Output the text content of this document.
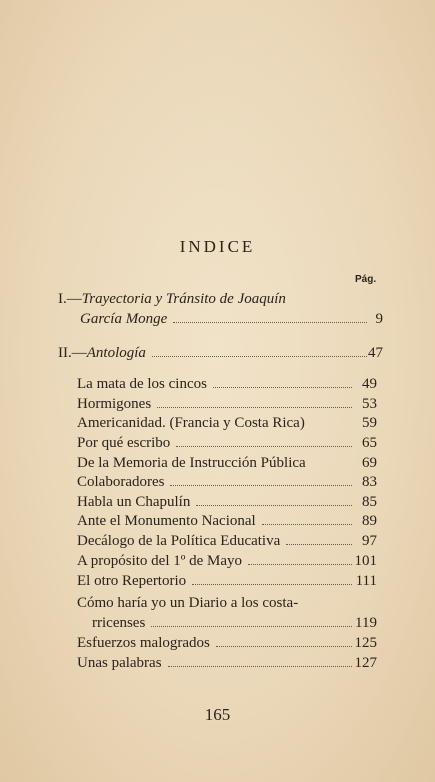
INDICE
Pág.
I.— Trayectoria y Tránsito de Joaquín
García Monge	9
II.— Antología	47
La mata de los cincos	49
Hormigones	53
Americanidad. (Francia y Costa Rica)	59
Por qué escribo	65
De la Memoria de Instrucción Pública	69
Colaboradores	83
Habla un Chapulín	85
Ante el Monumento Nacional	89
Decálogo de la Política Educativa	97
A propósito del 1º de Mayo	101
El otro Repertorio	111
Cómo haría yo un Diario a los costa-
rricenses	119
Esfuerzos malogrados	125
Unas palabras	127
165
